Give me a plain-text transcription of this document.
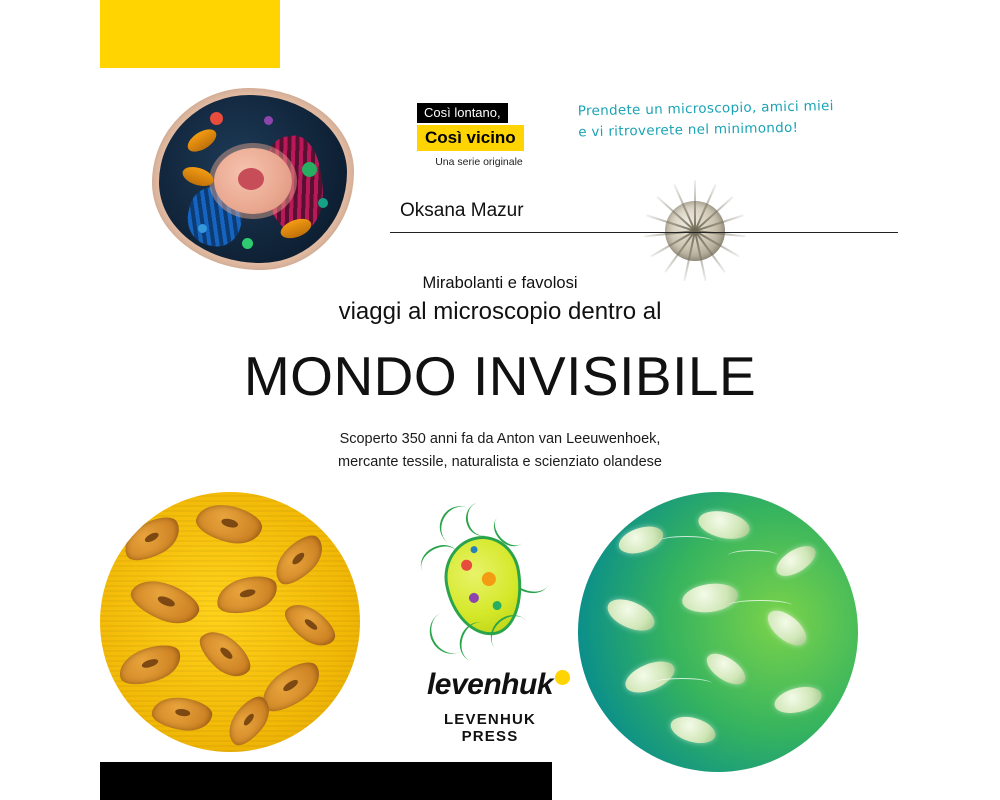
Così lontano,
Così vicino
Una serie originale
Prendete un microscopio, amici miei
e vi ritroverete nel minimondo!
Oksana Mazur
Mirabolanti e favolosi
viaggi al microscopio dentro al
MONDO INVISIBILE
Scoperto 350 anni fa da Anton van Leeuwenhoek,
mercante tessile, naturalista e scienziato olandese
levenhuk
LEVENHUK
PRESS
